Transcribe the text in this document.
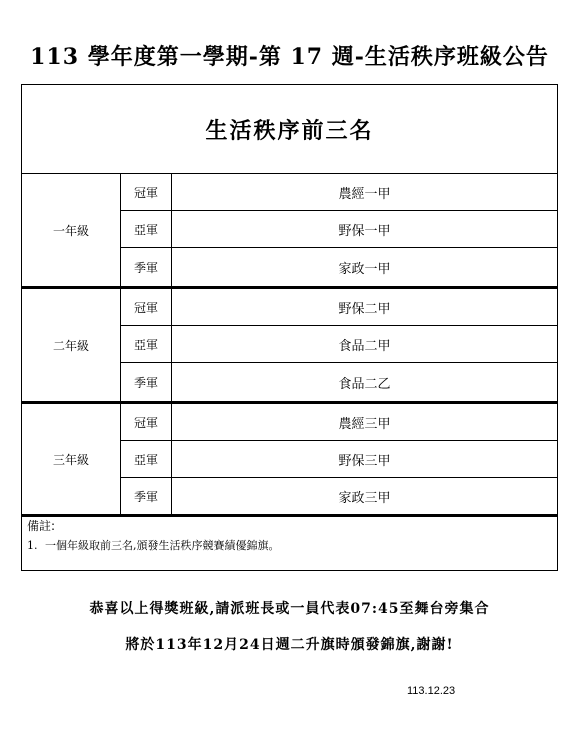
113 學年度第一學期-第 17 週-生活秩序班級公告
生活秩序前三名
一年級
冠軍	農經一甲
亞軍	野保一甲
季軍	家政一甲
二年級
冠軍	野保二甲
亞軍	食品二甲
季軍	食品二乙
三年級
冠軍	農經三甲
亞軍	野保三甲
季軍	家政三甲
備註:
1. 一個年級取前三名,頒發生活秩序競賽績優錦旗。
恭喜以上得獎班級,請派班長或一員代表07:45至舞台旁集合
將於113年12月24日週二升旗時頒發錦旗,謝謝!
113.12.23
